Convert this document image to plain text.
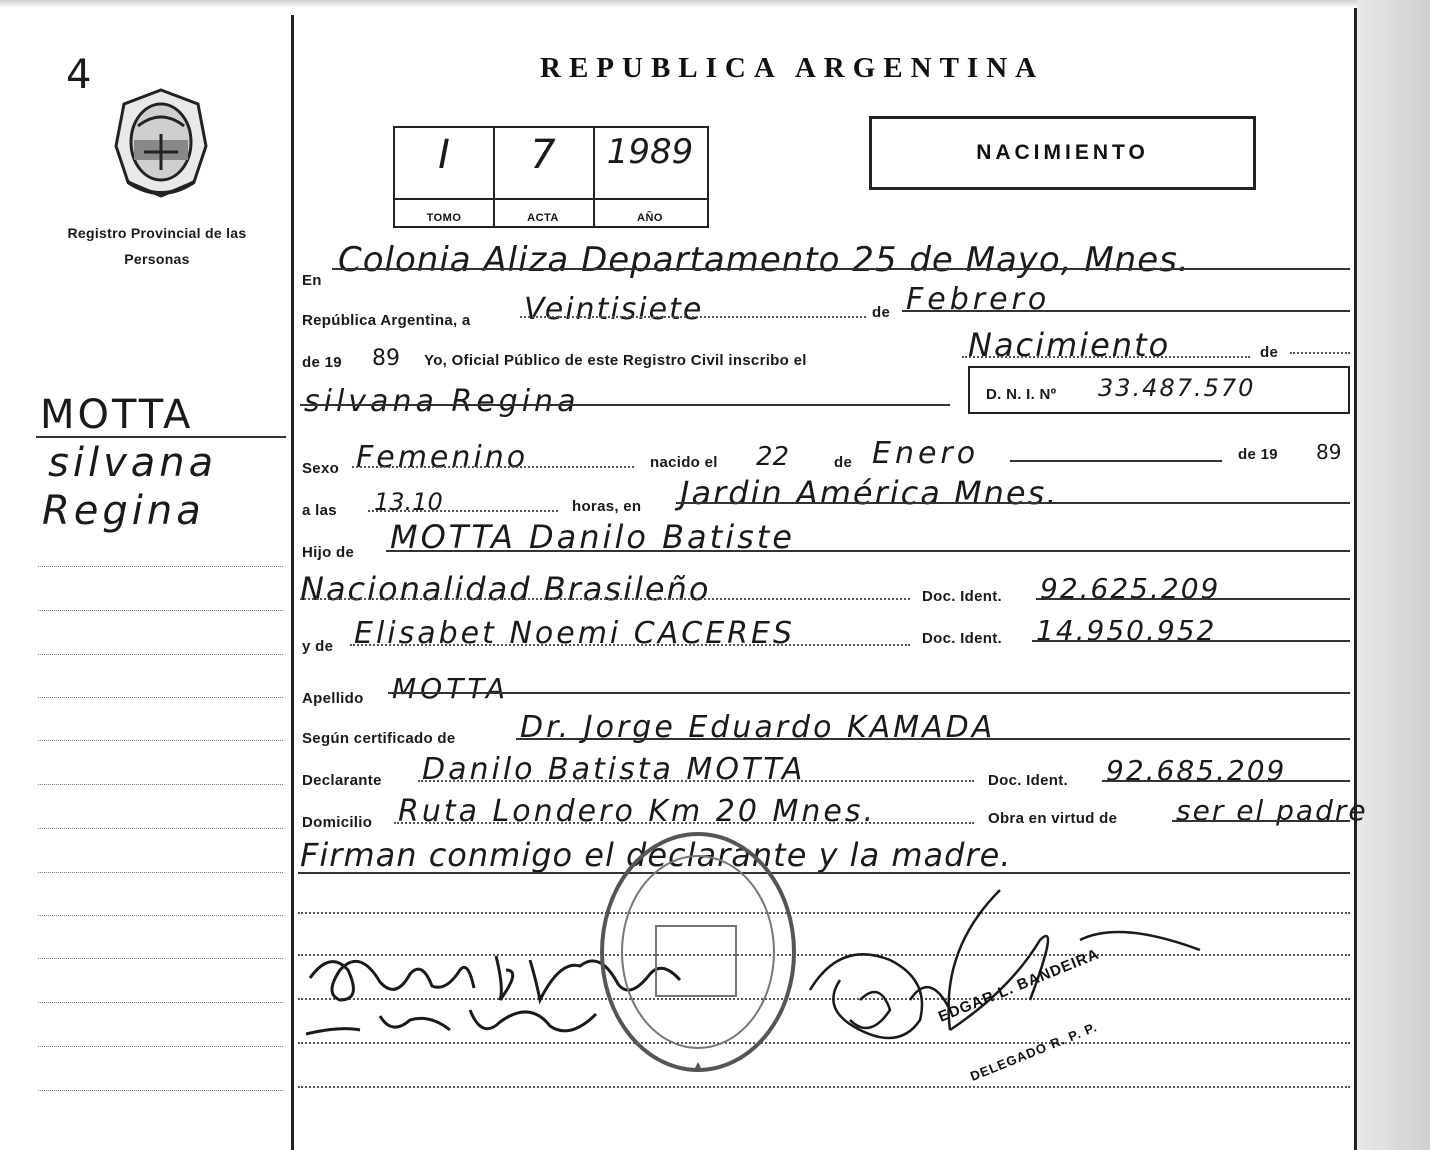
4
Registro Provincial de las Personas
REPUBLICA ARGENTINA
I
TOMO
7
ACTA
1989
AÑO
NACIMIENTO
MOTTA
silvana
Regina
En
Colonia Aliza Departamento 25 de Mayo, Mnes.
República Argentina, a Veintisiete	de Febrero
de 19 89 Yo, Oficial Público de este Registro Civil inscribo el	Nacimiento	de
silvana Regina	D. N. I. Nº 33.487.570
Sexo Femenino	nacido el 22	de Enero	de 19 89
a las 13.10	horas, en Jardin América Mnes.
Hijo de MOTTA Danilo Batiste
Nacionalidad Brasileño	Doc. Ident. 92.625.209
y de Elisabet Noemi CACERES	Doc. Ident. 14.950.952
Apellido MOTTA
Según certificado de Dr. Jorge Eduardo KAMADA
Declarante Danilo Batista MOTTA	Doc. Ident. 92.685.209
Domicilio Ruta Londero Km 20 Mnes.	Obra en virtud de ser el padre
Firman conmigo el declarante y la madre.
EDGAR L. BANDEIRA
DELEGADO R. P. P.
